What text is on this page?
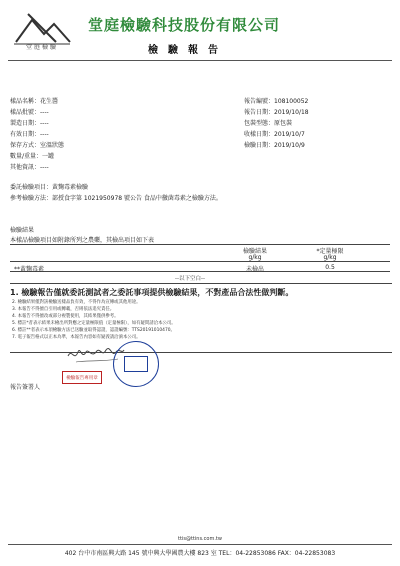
堂庭檢驗
堂庭檢驗科技股份有限公司
檢驗報告
樣品名稱：花生醬
樣品批號：----
製造日期：----
有效日期：----
保存方式：室溫狀態
數量/重量：一罐
其他資訊：----
報告編號：108100052
報告日期：2019/10/18
包裝型態：原包裝
收樣日期：2019/10/7
檢驗日期：2019/10/9
委託檢驗項目：黃麴毒素檢驗
參考檢驗方法：部授食字第 1021950978 號公告 食品中黴菌毒素之檢驗方法。
檢驗結果
本樣品檢驗項目如附錄所列之農藥，其檢出項目如下表
檢驗結果
g/kg
*定量極限
g/kg
**黃麴毒素	未檢出	0.5
--以下空白--
1. 檢驗報告僅就委託測試者之委託事項提供檢驗結果，不對產品合法性做判斷。
2. 檢驗結果僅對該檢驗送樣品負有效，不得作為宣傳或其他用途。
3. 本報告不得擅自引用或轉載，否則依法追究責任。
4. 本報告不得擅改或部分複製使用，其結果僅供參考。
5. 標註*者表示結果未檢出所對應之定量極限值（定量極限），如有疑問請洽本公司。
6. 標註**者表示本項檢驗方法已送驗並取得認證，認證編號：TTS20191010470。
7. 電子報告格式以正本為準，本報告內容如有疑義請洽詢本公司。
報告簽署人
檢驗報告專用章
ttis@ttins.com.tw
402 台中市南區興大路 145 號中興大學國農大樓 823 室 TEL：04-22853086 FAX：04-22853083
